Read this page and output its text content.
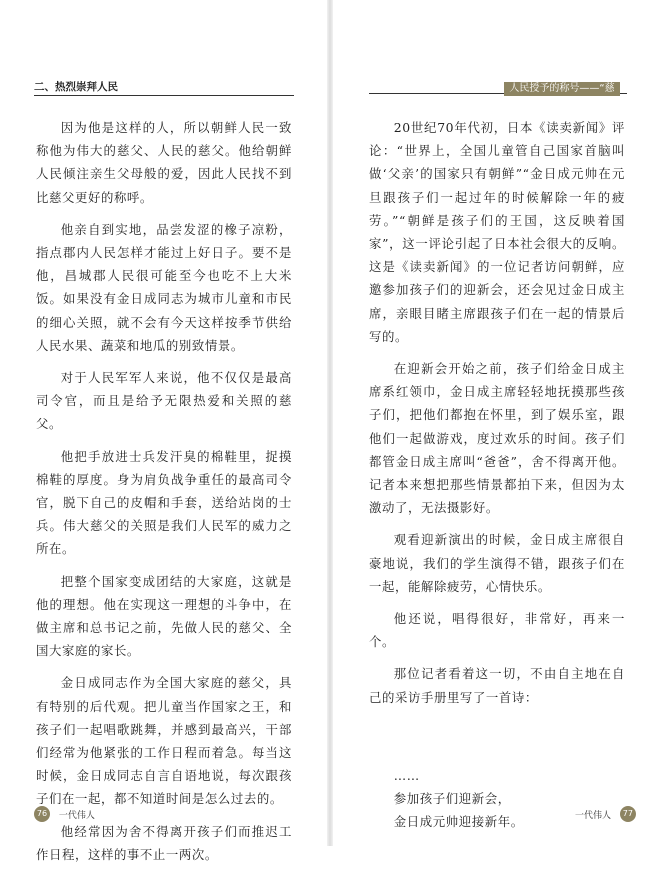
二、热烈崇拜人民

因为他是这样的人，所以朝鲜人民一致称他为伟大的慈父、人民的慈父。他给朝鲜人民倾注亲生父母般的爱，因此人民找不到比慈父更好的称呼。

他亲自到实地，品尝发涩的橡子凉粉，指点郡内人民怎样才能过上好日子。要不是他，昌城郡人民很可能至今也吃不上大米饭。如果没有金日成同志为城市儿童和市民的细心关照，就不会有今天这样按季节供给人民水果、蔬菜和地瓜的别致情景。

对于人民军军人来说，他不仅仅是最高司令官，而且是给予无限热爱和关照的慈父。

他把手放进士兵发汗臭的棉鞋里，捉摸棉鞋的厚度。身为肩负战争重任的最高司令官，脱下自己的皮帽和手套，送给站岗的士兵。伟大慈父的关照是我们人民军的威力之所在。

把整个国家变成团结的大家庭，这就是他的理想。他在实现这一理想的斗争中，在做主席和总书记之前，先做人民的慈父、全国大家庭的家长。

金日成同志作为全国大家庭的慈父，具有特别的后代观。把儿童当作国家之王，和孩子们一起唱歌跳舞，并感到最高兴，干部们经常为他紧张的工作日程而着急。每当这时候，金日成同志自言自语地说，每次跟孩子们在一起，都不知道时间是怎么过去的。

他经常因为舍不得离开孩子们而推迟工作日程，这样的事不止一两次。

76 一代伟人
人民授予的称号——“慈父”

20世纪70年代初，日本《读卖新闻》评论：“世界上，全国儿童管自己国家首脑叫做‘父亲’的国家只有朝鲜”“金日成元帅在元旦跟孩子们一起过年的时候解除一年的疲劳。”“朝鲜是孩子们的王国，这反映着国家”，这一评论引起了日本社会很大的反响。这是《读卖新闻》的一位记者访问朝鲜，应邀参加孩子们的迎新会，还会见过金日成主席，亲眼目睹主席跟孩子们在一起的情景后写的。

在迎新会开始之前，孩子们给金日成主席系红领巾，金日成主席轻轻地抚摸那些孩子们，把他们都抱在怀里，到了娱乐室，跟他们一起做游戏，度过欢乐的时间。孩子们都管金日成主席叫“爸爸”，舍不得离开他。记者本来想把那些情景都拍下来，但因为太激动了，无法摄影好。

观看迎新演出的时候，金日成主席很自豪地说，我们的学生演得不错，跟孩子们在一起，能解除疲劳，心情快乐。

他还说，唱得很好，非常好，再来一个。

那位记者看着这一切，不由自主地在自己的采访手册里写了一首诗：

……

参加孩子们迎新会，

金日成元帅迎接新年。	一代伟人 77
